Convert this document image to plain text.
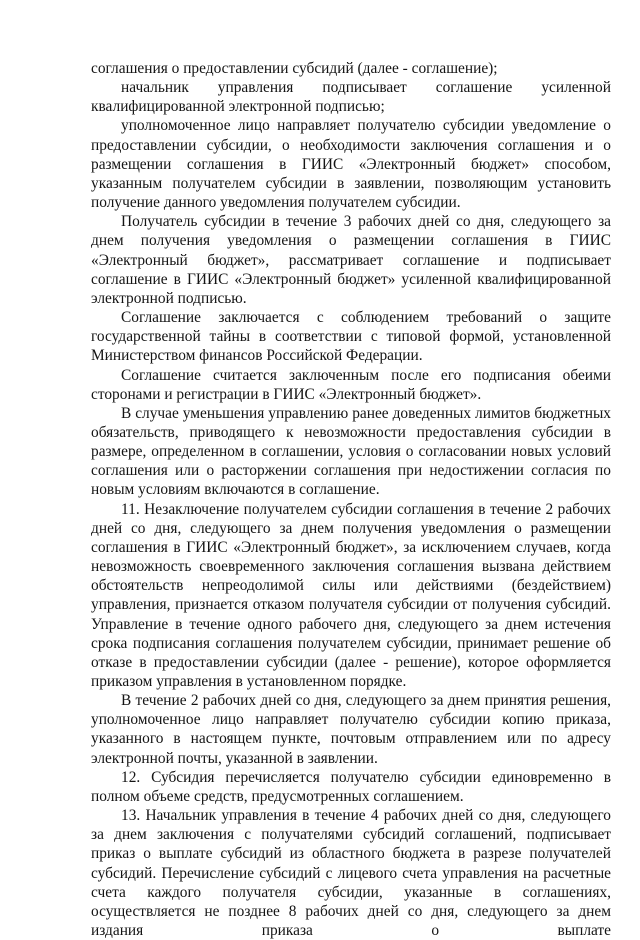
соглашения о предоставлении субсидий (далее - соглашение);

начальник управления подписывает соглашение усиленной квалифицированной электронной подписью;

уполномоченное лицо направляет получателю субсидии уведомление о предоставлении субсидии, о необходимости заключения соглашения и о размещении соглашения в ГИИС «Электронный бюджет» способом, указанным получателем субсидии в заявлении, позволяющим установить получение данного уведомления получателем субсидии.

Получатель субсидии в течение 3 рабочих дней со дня, следующего за днем получения уведомления о размещении соглашения в ГИИС «Электронный бюджет», рассматривает соглашение и подписывает соглашение в ГИИС «Электронный бюджет» усиленной квалифицированной электронной подписью.

Соглашение заключается с соблюдением требований о защите государственной тайны в соответствии с типовой формой, установленной Министерством финансов Российской Федерации.

Соглашение считается заключенным после его подписания обеими сторонами и регистрации в ГИИС «Электронный бюджет».

В случае уменьшения управлению ранее доведенных лимитов бюджетных обязательств, приводящего к невозможности предоставления субсидии в размере, определенном в соглашении, условия о согласовании новых условий соглашения или о расторжении соглашения при недостижении согласия по новым условиям включаются в соглашение.

11. Незаключение получателем субсидии соглашения в течение 2 рабочих дней со дня, следующего за днем получения уведомления о размещении соглашения в ГИИС «Электронный бюджет», за исключением случаев, когда невозможность своевременного заключения соглашения вызвана действием обстоятельств непреодолимой силы или действиями (бездействием) управления, признается отказом получателя субсидии от получения субсидий. Управление в течение одного рабочего дня, следующего за днем истечения срока подписания соглашения получателем субсидии, принимает решение об отказе в предоставлении субсидии (далее - решение), которое оформляется приказом управления в установленном порядке.

В течение 2 рабочих дней со дня, следующего за днем принятия решения, уполномоченное лицо направляет получателю субсидии копию приказа, указанного в настоящем пункте, почтовым отправлением или по адресу электронной почты, указанной в заявлении.

12. Субсидия перечисляется получателю субсидии единовременно в полном объеме средств, предусмотренных соглашением.

13. Начальник управления в течение 4 рабочих дней со дня, следующего за днем заключения с получателями субсидий соглашений, подписывает приказ о выплате субсидий из областного бюджета в разрезе получателей субсидий. Перечисление субсидий с лицевого счета управления на расчетные счета каждого получателя субсидии, указанные в соглашениях, осуществляется не позднее 8 рабочих дней со дня, следующего за днем издания приказа о выплате
